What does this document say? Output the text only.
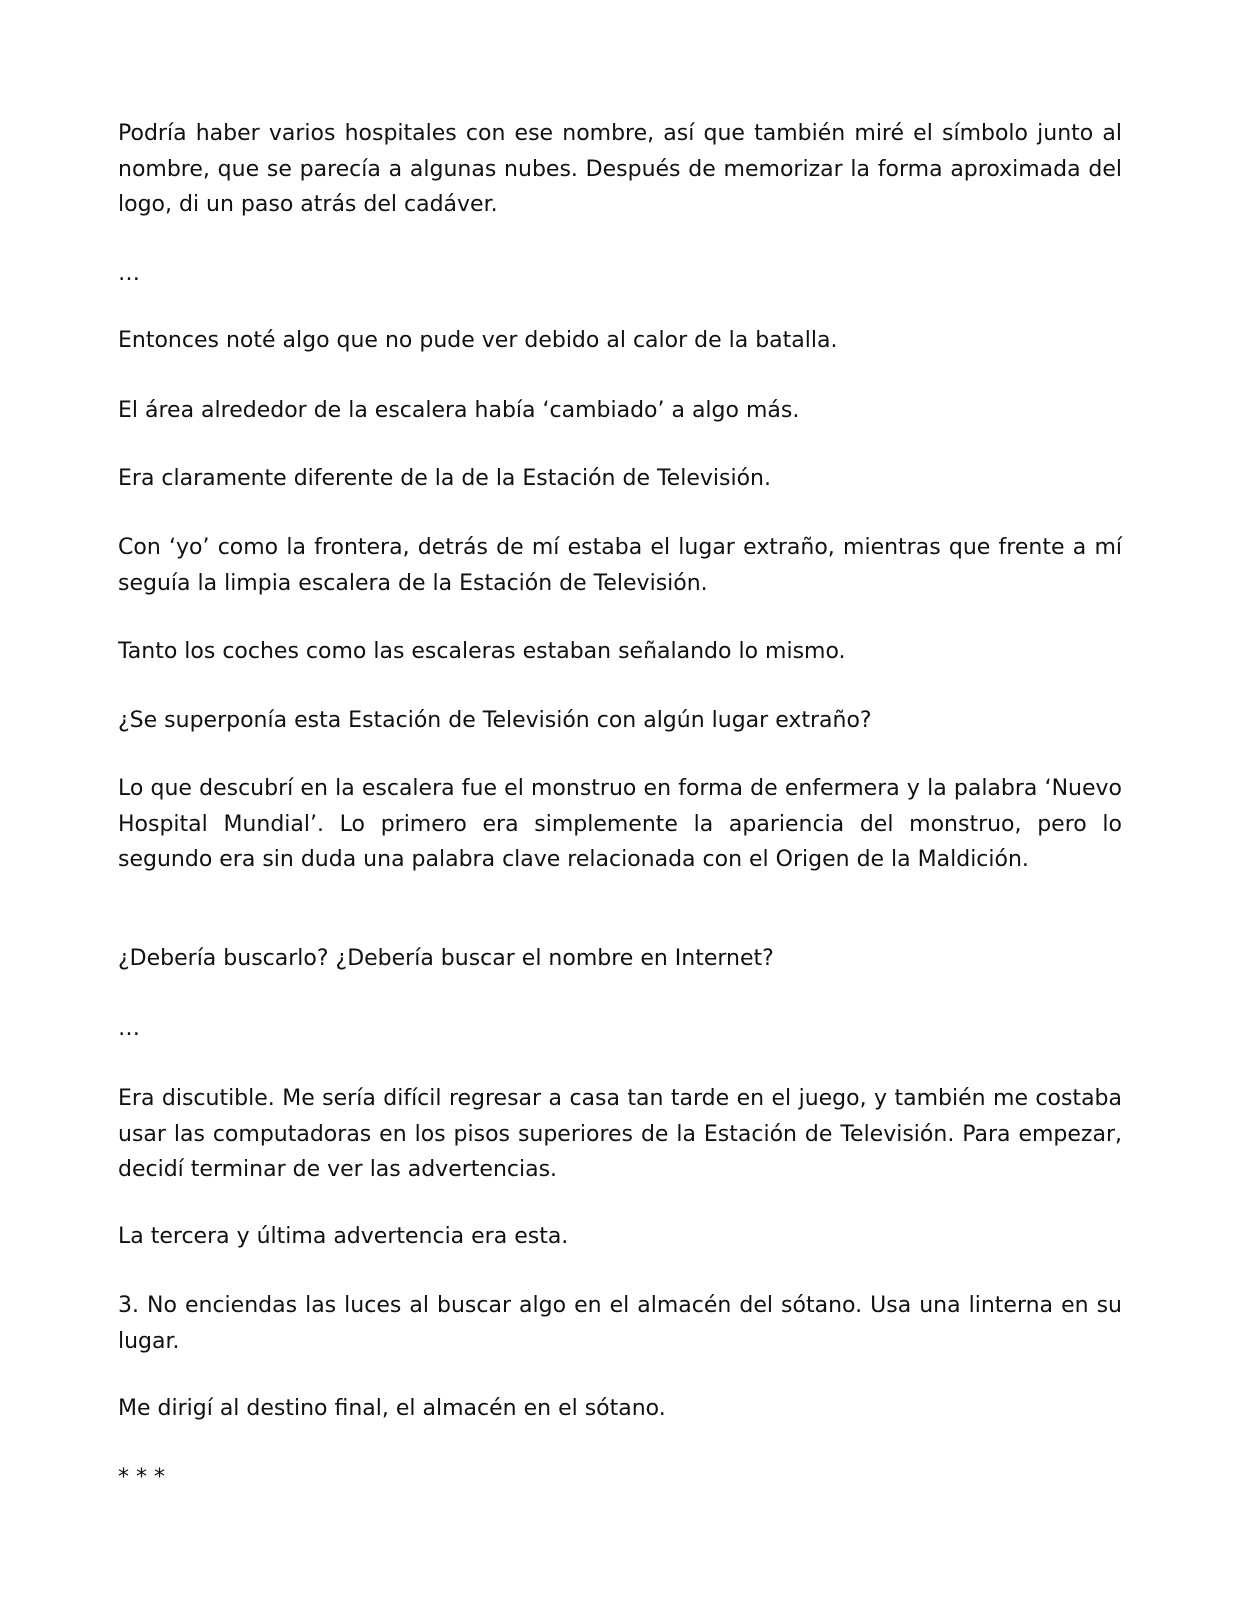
Podría haber varios hospitales con ese nombre, así que también miré el símbolo junto al nombre, que se parecía a algunas nubes. Después de memorizar la forma aproximada del logo, di un paso atrás del cadáver.

…

Entonces noté algo que no pude ver debido al calor de la batalla.

El área alrededor de la escalera había ‘cambiado’ a algo más.

Era claramente diferente de la de la Estación de Televisión.

Con ‘yo’ como la frontera, detrás de mí estaba el lugar extraño, mientras que frente a mí seguía la limpia escalera de la Estación de Televisión.

Tanto los coches como las escaleras estaban señalando lo mismo.

¿Se superponía esta Estación de Televisión con algún lugar extraño?

Lo que descubrí en la escalera fue el monstruo en forma de enfermera y la palabra ‘Nuevo Hospital Mundial’. Lo primero era simplemente la apariencia del monstruo, pero lo segundo era sin duda una palabra clave relacionada con el Origen de la Maldición.

¿Debería buscarlo? ¿Debería buscar el nombre en Internet?

…

Era discutible. Me sería difícil regresar a casa tan tarde en el juego, y también me costaba usar las computadoras en los pisos superiores de la Estación de Televisión. Para empezar, decidí terminar de ver las advertencias.

La tercera y última advertencia era esta.

3. No enciendas las luces al buscar algo en el almacén del sótano. Usa una linterna en su lugar.

Me dirigí al destino final, el almacén en el sótano.

* * *
